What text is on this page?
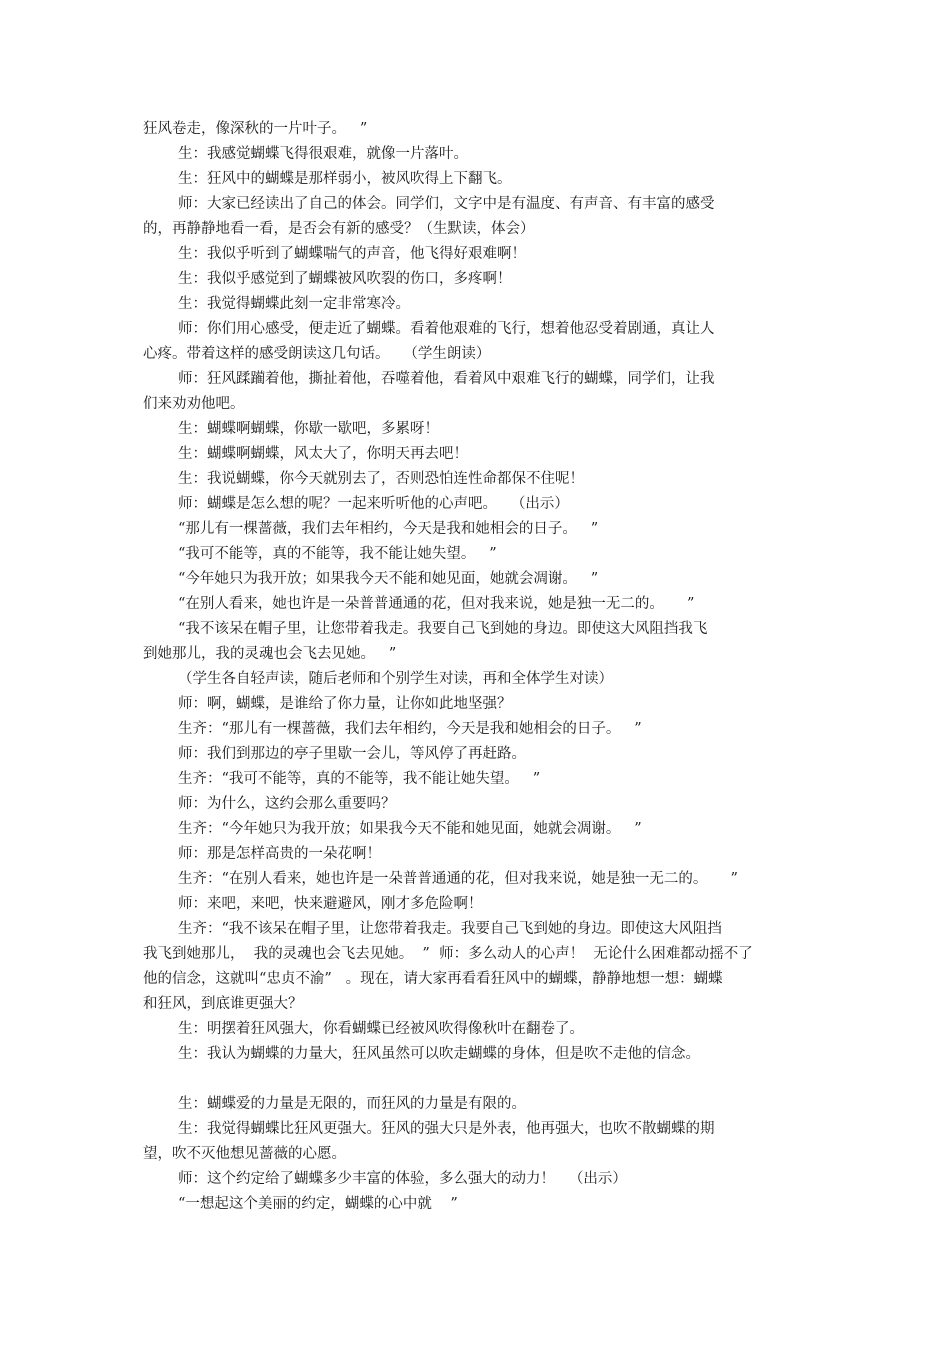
狂风卷走，像深秋的一片叶子。   ”
生：我感觉蝴蝶飞得很艰难，就像一片落叶。
生：狂风中的蝴蝶是那样弱小，被风吹得上下翻飞。
师：大家已经读出了自己的体会。同学们，文字中是有温度、有声音、有丰富的感受
的，再静静地看一看，是否会有新的感受？（生默读，体会）
生：我似乎听到了蝴蝶喘气的声音，他飞得好艰难啊！
生：我似乎感觉到了蝴蝶被风吹裂的伤口，多疼啊！
生：我觉得蝴蝶此刻一定非常寒冷。
师：你们用心感受，便走近了蝴蝶。看着他艰难的飞行，想着他忍受着剧通，真让人
心疼。带着这样的感受朗读这几句话。   （学生朗读）
师：狂风蹂躏着他，撕扯着他，吞噬着他，看着风中艰难飞行的蝴蝶，同学们，让我
们来劝劝他吧。
生：蝴蝶啊蝴蝶，你歇一歇吧，多累呀！
生：蝴蝶啊蝴蝶，风太大了，你明天再去吧！
生：我说蝴蝶，你今天就别去了，否则恐怕连性命都保不住呢！
师：蝴蝶是怎么想的呢？一起来听听他的心声吧。   （出示）
“那儿有一棵蔷薇，我们去年相约，今天是我和她相会的日子。   ”
“我可不能等，真的不能等，我不能让她失望。   ”
“今年她只为我开放；如果我今天不能和她见面，她就会凋谢。   ”
“在别人看来，她也许是一朵普普通通的花，但对我来说，她是独一无二的。     ”
“我不该呆在帽子里，让您带着我走。我要自己飞到她的身边。即使这大风阻挡我飞
到她那儿，我的灵魂也会飞去见她。   ”
（学生各自轻声读，随后老师和个别学生对读，再和全体学生对读）
师：啊，蝴蝶，是谁给了你力量，让你如此地坚强？
生齐：“那儿有一棵蔷薇，我们去年相约，今天是我和她相会的日子。   ”
师：我们到那边的亭子里歇一会儿，等风停了再赶路。
生齐：“我可不能等，真的不能等，我不能让她失望。   ”
师：为什么，这约会那么重要吗？
生齐：“今年她只为我开放；如果我今天不能和她见面，她就会凋谢。   ”
师：那是怎样高贵的一朵花啊！
生齐：“在别人看来，她也许是一朵普普通通的花，但对我来说，她是独一无二的。     ”
师：来吧，来吧，快来避避风，刚才多危险啊！
生齐：“我不该呆在帽子里，让您带着我走。我要自己飞到她的身边。即使这大风阻挡
我飞到她那儿，  我的灵魂也会飞去见她。  ”  师：多么动人的心声！  无论什么困难都动摇不了
他的信念，这就叫“忠贞不渝”   。现在，请大家再看看狂风中的蝴蝶，静静地想一想：蝴蝶
和狂风，到底谁更强大？
生：明摆着狂风强大，你看蝴蝶已经被风吹得像秋叶在翻卷了。
生：我认为蝴蝶的力量大，狂风虽然可以吹走蝴蝶的身体，但是吹不走他的信念。
生：蝴蝶爱的力量是无限的，而狂风的力量是有限的。
生：我觉得蝴蝶比狂风更强大。狂风的强大只是外表，他再强大，也吹不散蝴蝶的期
望，吹不灭他想见蔷薇的心愿。
师：这个约定给了蝴蝶多少丰富的体验，多么强大的动力！   （出示）
“一想起这个美丽的约定，蝴蝶的心中就    ”
